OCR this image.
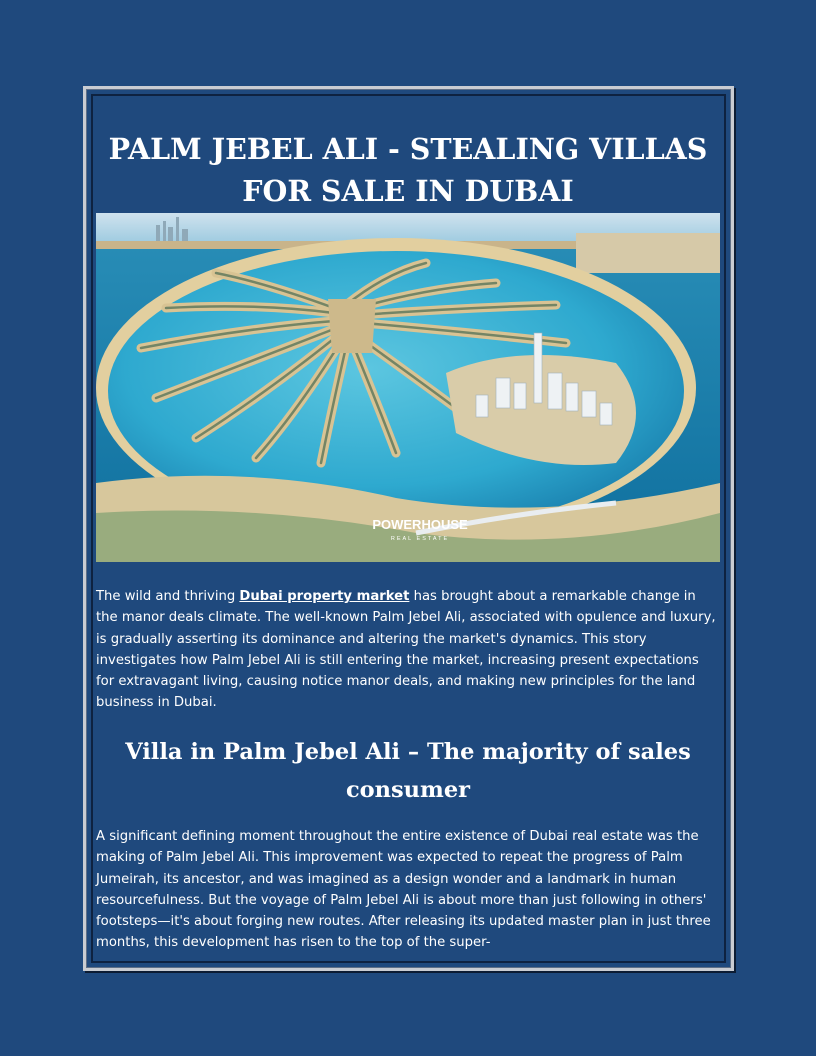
PALM JEBEL ALI - STEALING VILLAS FOR SALE IN DUBAI
POWERHOUSE
REAL ESTATE

The wild and thriving Dubai property market has brought about a remarkable change in the manor deals climate. The well-known Palm Jebel Ali, associated with opulence and luxury, is gradually asserting its dominance and altering the market's dynamics. This story investigates how Palm Jebel Ali is still entering the market, increasing present expectations for extravagant living, causing notice manor deals, and making new principles for the land business in Dubai.

Villa in Palm Jebel Ali – The majority of sales consumer

A significant defining moment throughout the entire existence of Dubai real estate was the making of Palm Jebel Ali. This improvement was expected to repeat the progress of Palm Jumeirah, its ancestor, and was imagined as a design wonder and a landmark in human resourcefulness. But the voyage of Palm Jebel Ali is about more than just following in others' footsteps—it's about forging new routes. After releasing its updated master plan in just three months, this development has risen to the top of the super-
